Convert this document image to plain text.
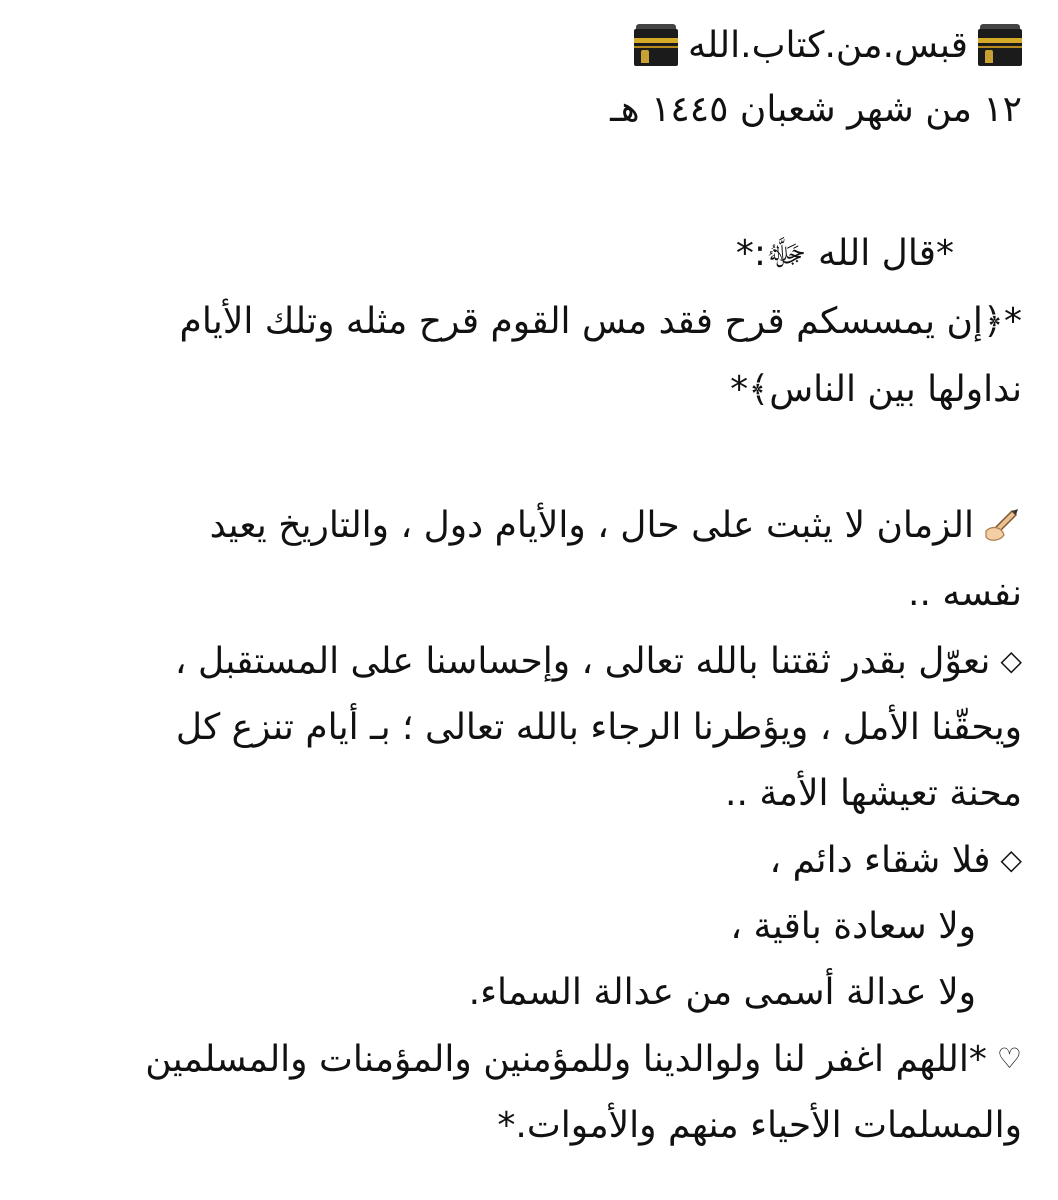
قبس.من.كتاب.الله
١٢ من شهر شعبان ١٤٤٥ هـ
*قال الله ﷻ:*
*﴿إن يمسسكم قرح فقد مس القوم قرح مثله وتلك الأيام
نداولها بين الناس﴾*
الزمان لا يثبت على حال ، والأيام دول ، والتاريخ يعيد
نفسه ..
◇نعوّل بقدر ثقتنا بالله تعالى ، وإحساسنا على المستقبل ،
ويحقّنا الأمل ، ويؤطرنا الرجاء بالله تعالى ؛ بـ أيام تنزع كل
محنة تعيشها الأمة ..
◇فلا شقاء دائم ،
ولا سعادة باقية ،
ولا عدالة أسمى من عدالة السماء.
♡*اللهم اغفر لنا ولوالدينا وللمؤمنين والمؤمنات والمسلمين
والمسلمات الأحياء منهم والأموات.*
